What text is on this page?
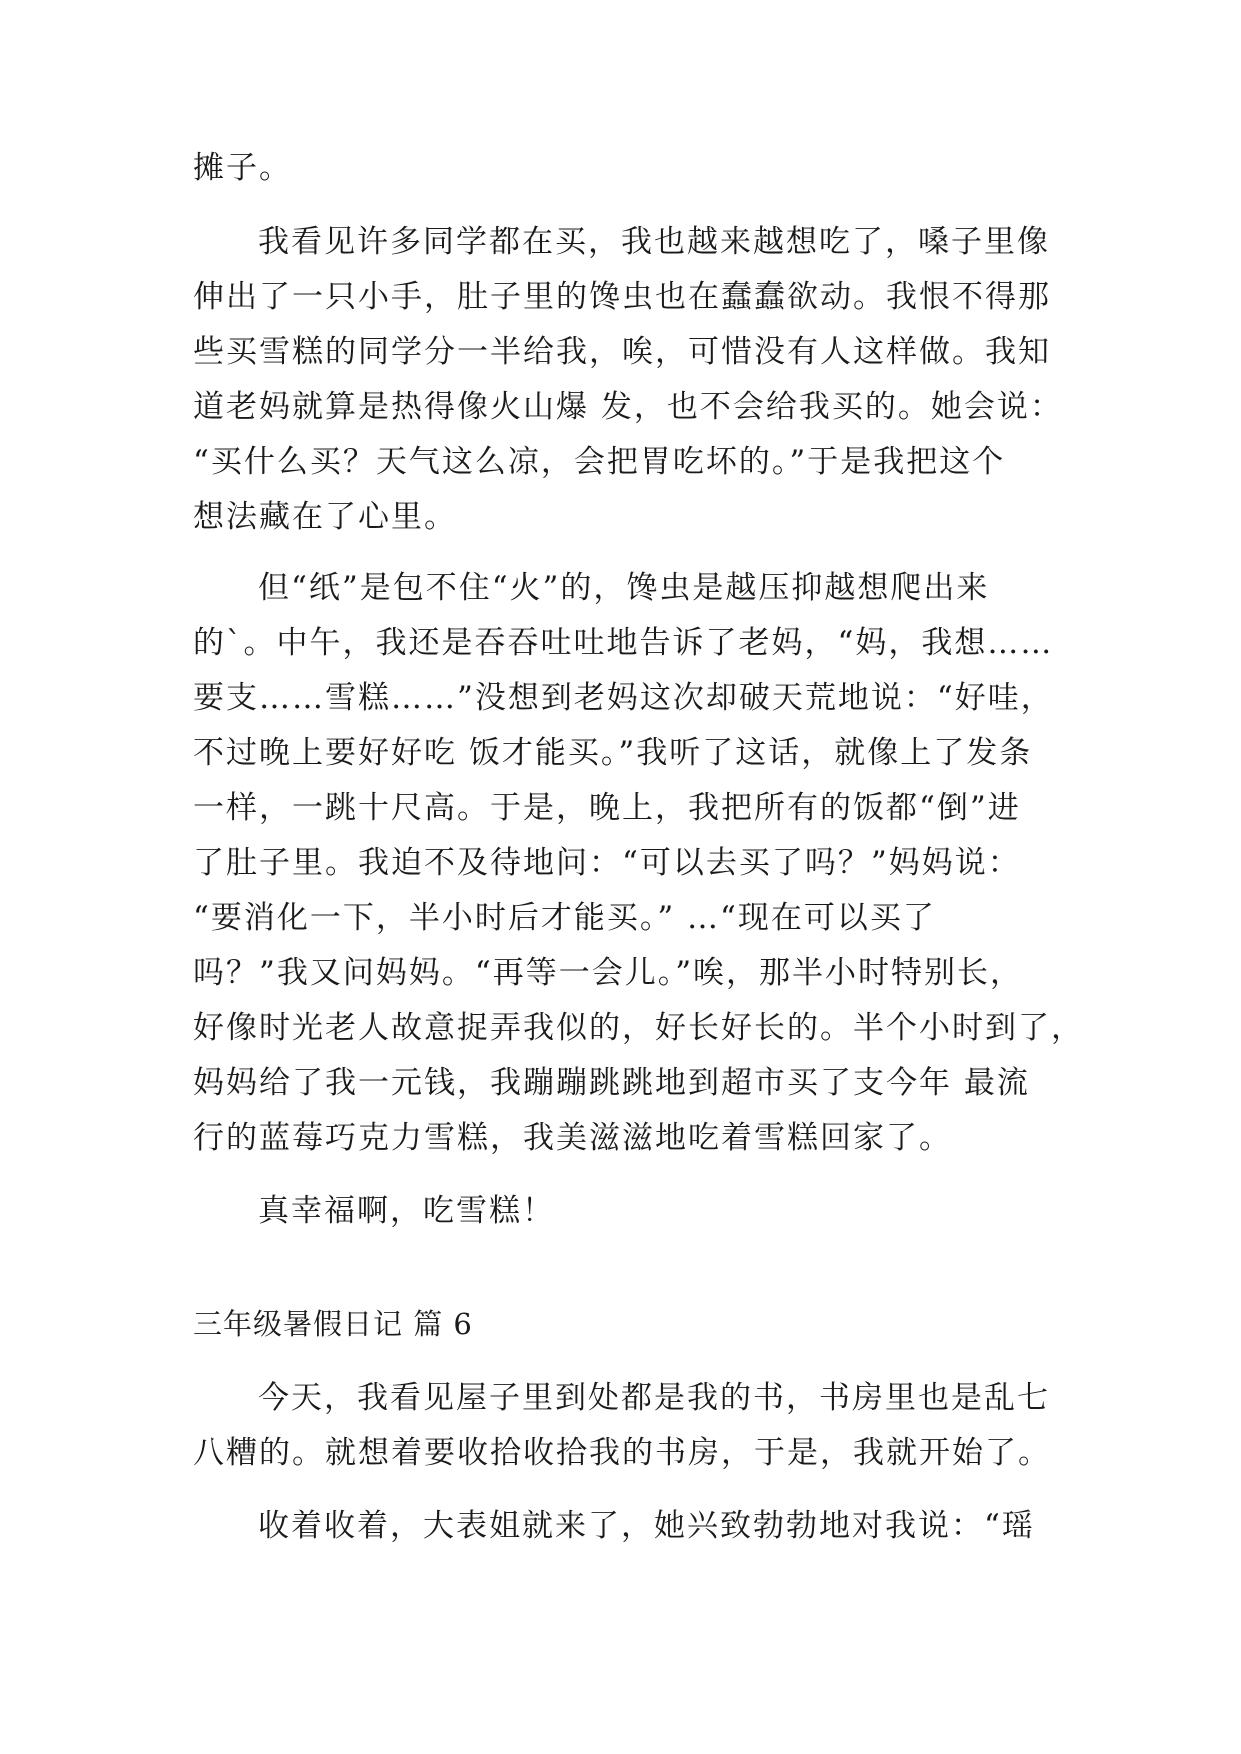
摊子。
我看见许多同学都在买，我也越来越想吃了，嗓子里像
伸出了一只小手，肚子里的馋虫也在蠢蠢欲动。我恨不得那
些买雪糕的同学分一半给我，唉，可惜没有人这样做。我知
道老妈就算是热得像火山爆 发，也不会给我买的。她会说：
“买什么买？天气这么凉，会把胃吃坏的。”于是我把这个
想法藏在了心里。
但“纸”是包不住“火”的，馋虫是越压抑越想爬出来
的`。中午，我还是吞吞吐吐地告诉了老妈，“妈，我想……
要支……雪糕……”没想到老妈这次却破天荒地说：“好哇，
不过晚上要好好吃 饭才能买。”我听了这话，就像上了发条
一样，一跳十尺高。于是，晚上，我把所有的饭都“倒”进
了肚子里。我迫不及待地问：“可以去买了吗？”妈妈说：
“要消化一下，半小时后才能买。” …“现在可以买了
吗？”我又问妈妈。“再等一会儿。”唉，那半小时特别长，
好像时光老人故意捉弄我似的，好长好长的。半个小时到了，
妈妈给了我一元钱，我蹦蹦跳跳地到超市买了支今年 最流
行的蓝莓巧克力雪糕，我美滋滋地吃着雪糕回家了。
真幸福啊，吃雪糕！
三年级暑假日记 篇 6
今天，我看见屋子里到处都是我的书，书房里也是乱七
八糟的。就想着要收拾收拾我的书房，于是，我就开始了。
收着收着，大表姐就来了，她兴致勃勃地对我说：“瑶
